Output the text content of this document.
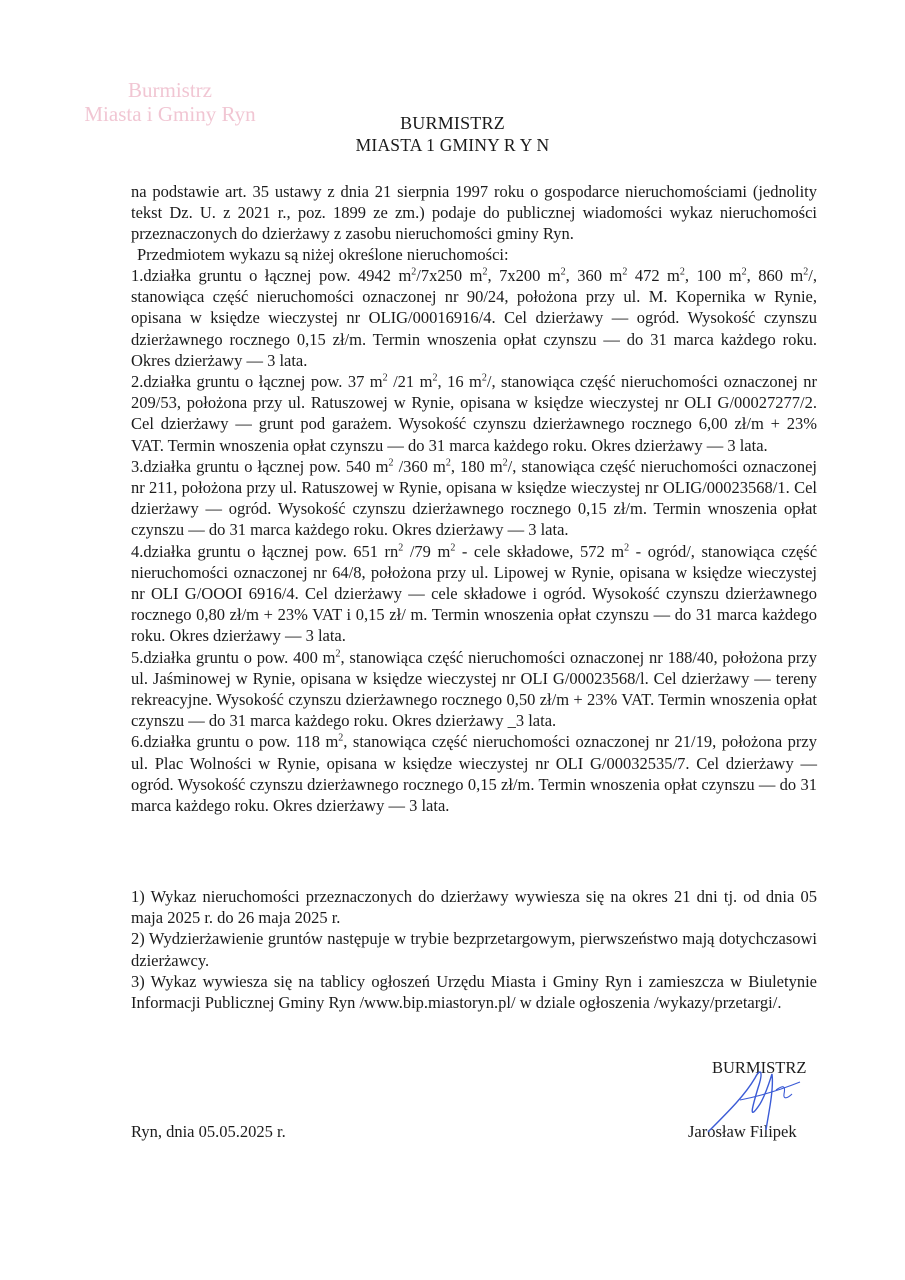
Burmistrz
Miasta i Gminy Ryn	BURMISTRZ
MIASTA 1 GMINY R Y N
na podstawie art. 35 ustawy z dnia 21 sierpnia 1997 roku o gospodarce nieruchomościami (jednolity tekst Dz. U. z 2021 r., poz. 1899 ze zm.) podaje do publicznej wiadomości wykaz nieruchomości przeznaczonych do dzierżawy z zasobu nieruchomości gminy Ryn.
Przedmiotem wykazu są niżej określone nieruchomości:

1.działka gruntu o łącznej pow. 4942 $m^2/7x250$ $m^2$, 7x200 $m^2$, 360 $m^2$ 472 $m^2$, 100 $m^2$, 860 $m^2/$, stanowiąca część nieruchomości oznaczonej nr 90/24, położona przy ul. M. Kopernika w Rynie, opisana w księdze wieczystej nr OLIG/00016916/4. Cel dzierżawy — ogród. Wysokość czynszu dzierżawnego rocznego 0,15 zł/m. Termin wnoszenia opłat czynszu — do 31 marca każdego roku. Okres dzierżawy — 3 lata.

2.działka gruntu o łącznej pow. 37 $m^2$ /21 $m^2$, 16 $m^2/$, stanowiąca część nieruchomości oznaczonej nr 209/53, położona przy ul. Ratuszowej w Rynie, opisana w księdze wieczystej nr OLI G/00027277/2. Cel dzierżawy — grunt pod garażem. Wysokość czynszu dzierżawnego rocznego 6,00 zł/m + 23% VAT. Termin wnoszenia opłat czynszu — do 31 marca każdego roku. Okres dzierżawy — 3 lata.

3.działka gruntu o łącznej pow. 540 $m^2$ /360 $m^2$, 180 $m^2/$, stanowiąca część nieruchomości oznaczonej nr 211, położona przy ul. Ratuszowej w Rynie, opisana w księdze wieczystej nr OLIG/00023568/1. Cel dzierżawy — ogród. Wysokość czynszu dzierżawnego rocznego 0,15 zł/m. Termin wnoszenia opłat czynszu — do 31 marca każdego roku. Okres dzierżawy — 3 lata.

4.działka gruntu o łącznej pow. 651 $rn^2$ /79 $m^2$ - cele składowe, 572 $m^2$ - ogród/, stanowiąca część nieruchomości oznaczonej nr 64/8, położona przy ul. Lipowej w Rynie, opisana w księdze wieczystej nr OLI G/OOOI 6916/4. Cel dzierżawy — cele składowe i ogród. Wysokość czynszu dzierżawnego rocznego 0,80 zł/m + 23% VAT i 0,15 zł/ m. Termin wnoszenia opłat czynszu — do 31 marca każdego roku. Okres dzierżawy — 3 lata.

5.działka gruntu o pow. 400 $m^2$, stanowiąca część nieruchomości oznaczonej nr 188/40, położona przy ul. Jaśminowej w Rynie, opisana w księdze wieczystej nr OLI G/00023568/l. Cel dzierżawy — tereny rekreacyjne. Wysokość czynszu dzierżawnego rocznego 0,50 zł/m + 23% VAT. Termin wnoszenia opłat czynszu — do 31 marca każdego roku. Okres dzierżawy _3 lata.

6.działka gruntu o pow. 118 $m^2$, stanowiąca część nieruchomości oznaczonej nr 21/19, położona przy ul. Plac Wolności w Rynie, opisana w księdze wieczystej nr OLI G/00032535/7. Cel dzierżawy — ogród. Wysokość czynszu dzierżawnego rocznego 0,15 zł/m. Termin wnoszenia opłat czynszu — do 31 marca każdego roku. Okres dzierżawy — 3 lata.

1) Wykaz nieruchomości przeznaczonych do dzierżawy wywiesza się na okres 21 dni tj. od dnia 05 maja 2025 r. do 26 maja 2025 r.

2) Wydzierżawienie gruntów następuje w trybie bezprzetargowym, pierwszeństwo mają dotychczasowi dzierżawcy.

3) Wykaz wywiesza się na tablicy ogłoszeń Urzędu Miasta i Gminy Ryn i zamieszcza w Biuletynie Informacji Publicznej Gminy Ryn /www.bip.miastoryn.pl/ w dziale ogłoszenia /wykazy/przetargi/.

BURMISTRZ
Jarosław Filipek
Ryn, dnia 05.05.2025 r.
